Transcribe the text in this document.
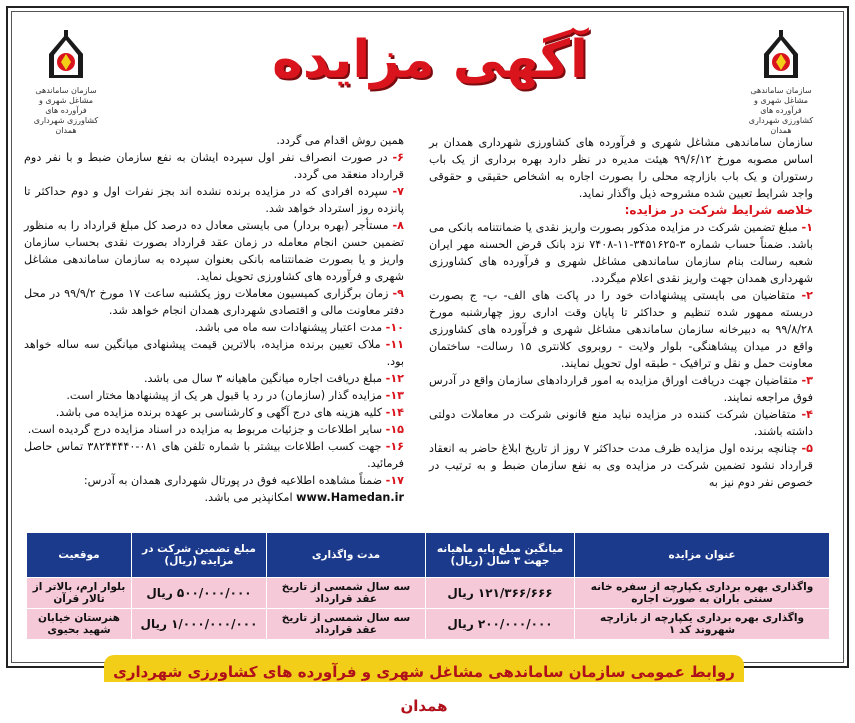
سازمان ساماندهی مشاغل شهری و فرآورده های
کشاورزی شهرداری همدان
سازمان ساماندهی مشاغل شهری و فرآورده های
کشاورزی شهرداری همدان
آگهی مزایده

سازمان ساماندهی مشاغل شهری و فرآورده های کشاورزی شهرداری همدان بر اساس مصوبه مورخ ۹۹/۶/۱۲ هیئت مدیره در نظر دارد بهره برداری از یک باب رستوران و یک باب بازارچه محلی را بصورت اجاره به اشخاص حقیقی و حقوقی واجد شرایط تعیین شده مشروحه ذیل واگذار نماید.

خلاصه شرایط شرکت در مزایده:

۱- مبلغ تضمین شرکت در مزایده مذکور بصورت واریز نقدی یا ضمانتنامه بانکی می باشد. ضمناً حساب شماره ۳-۳۴۵۱۶۲۵-۱۱-۷۴۰۸ نزد بانک قرض الحسنه مهر ایران شعبه رسالت بنام سازمان ساماندهی مشاغل شهری و فرآورده های کشاورزی شهرداری همدان جهت واریز نقدی اعلام میگردد.

۲- متقاضیان می بایستی پیشنهادات خود را در پاکت های الف- ب- ج بصورت دربسته ممهور شده تنظیم و حداکثر تا پایان وقت اداری روز چهارشنبه مورخ ۹۹/۸/۲۸ به دبیرخانه سازمان ساماندهی مشاغل شهری و فرآورده های کشاورزی واقع در میدان پیشاهنگی- بلوار ولایت - روبروی کلانتری ۱۵ رسالت- ساختمان معاونت حمل و نقل و ترافیک - طبقه اول تحویل نمایند.

۳- متقاضیان جهت دریافت اوراق مزایده به امور قراردادهای سازمان واقع در آدرس فوق مراجعه نمایند.

۴- متقاضیان شرکت کننده در مزایده نباید منع قانونی شرکت در معاملات دولتی داشته باشند.

۵- چنانچه برنده اول مزایده ظرف مدت حداکثر ۷ روز از تاریخ ابلاغ حاضر به انعقاد قرارداد نشود تضمین شرکت در مزایده وی به نفع سازمان ضبط و به ترتیب در خصوص نفر دوم نیز به

همین روش اقدام می گردد.

۶- در صورت انصراف نفر اول سپرده ایشان به نفع سازمان ضبط و با نفر دوم قرارداد منعقد می گردد.

۷- سپرده افرادی که در مزایده برنده نشده اند بجز نفرات اول و دوم حداکثر تا پانزده روز استرداد خواهد شد.

۸- مستأجر (بهره بردار) می بایستی معادل ده درصد کل مبلغ قرارداد را به منظور تضمین حسن انجام معامله در زمان عقد قرارداد بصورت نقدی بحساب سازمان واریز و یا بصورت ضمانتنامه بانکی بعنوان سپرده به سازمان ساماندهی مشاغل شهری و فرآورده های کشاورزی تحویل نماید.

۹- زمان برگزاری کمیسیون معاملات روز یکشنبه ساعت ۱۷ مورخ ۹۹/۹/۲ در محل دفتر معاونت مالی و اقتصادی شهرداری همدان انجام خواهد شد.

۱۰- مدت اعتبار پیشنهادات سه ماه می باشد.

۱۱- ملاک تعیین برنده مزایده، بالاترین قیمت پیشنهادی میانگین سه ساله خواهد بود.

۱۲- مبلغ دریافت اجاره میانگین ماهیانه ۳ سال می باشد.

۱۳- مزایده گذار (سازمان) در رد یا قبول هر یک از پیشنهادها مختار است.

۱۴- کلیه هزینه های درج آگهی و کارشناسی بر عهده برنده مزایده می باشد.

۱۵- سایر اطلاعات و جزئیات مربوط به مزایده در اسناد مزایده درج گردیده است.

۱۶- جهت کسب اطلاعات بیشتر با شماره تلفن های ۰۸۱-۳۸۲۴۴۴۴۰ تماس حاصل فرمائید.

۱۷- ضمناً مشاهده اطلاعیه فوق در پورتال شهرداری همدان به آدرس:

www.Hamedan.ir امکانپذیر می باشد.

عنوان مزایده	میانگین مبلغ پایه ماهیانه جهت ۳ سال (ریال)	مدت واگذاری	مبلغ تضمین شرکت در مزایده (ریال)	موقعیت
واگذاری بهره برداری یکپارچه از سفره خانه سنتی باران به صورت اجاره	۱۲۱/۳۶۶/۶۶۶ ریال	سه سال شمسی از تاریخ عقد قرارداد	۵۰۰/۰۰۰/۰۰۰ ریال	بلوار ارم، بالاتر از تالار قرآن
واگذاری بهره برداری یکپارچه از بازارچه شهروند کد ۱	۲۰۰/۰۰۰/۰۰۰ ریال	سه سال شمسی از تاریخ عقد قرارداد	۱/۰۰۰/۰۰۰/۰۰۰ ریال	هنرستان خیابان شهید بحیوی
روابط عمومی سازمان ساماندهی مشاغل شهری و فرآورده های کشاورزی شهرداری همدان
